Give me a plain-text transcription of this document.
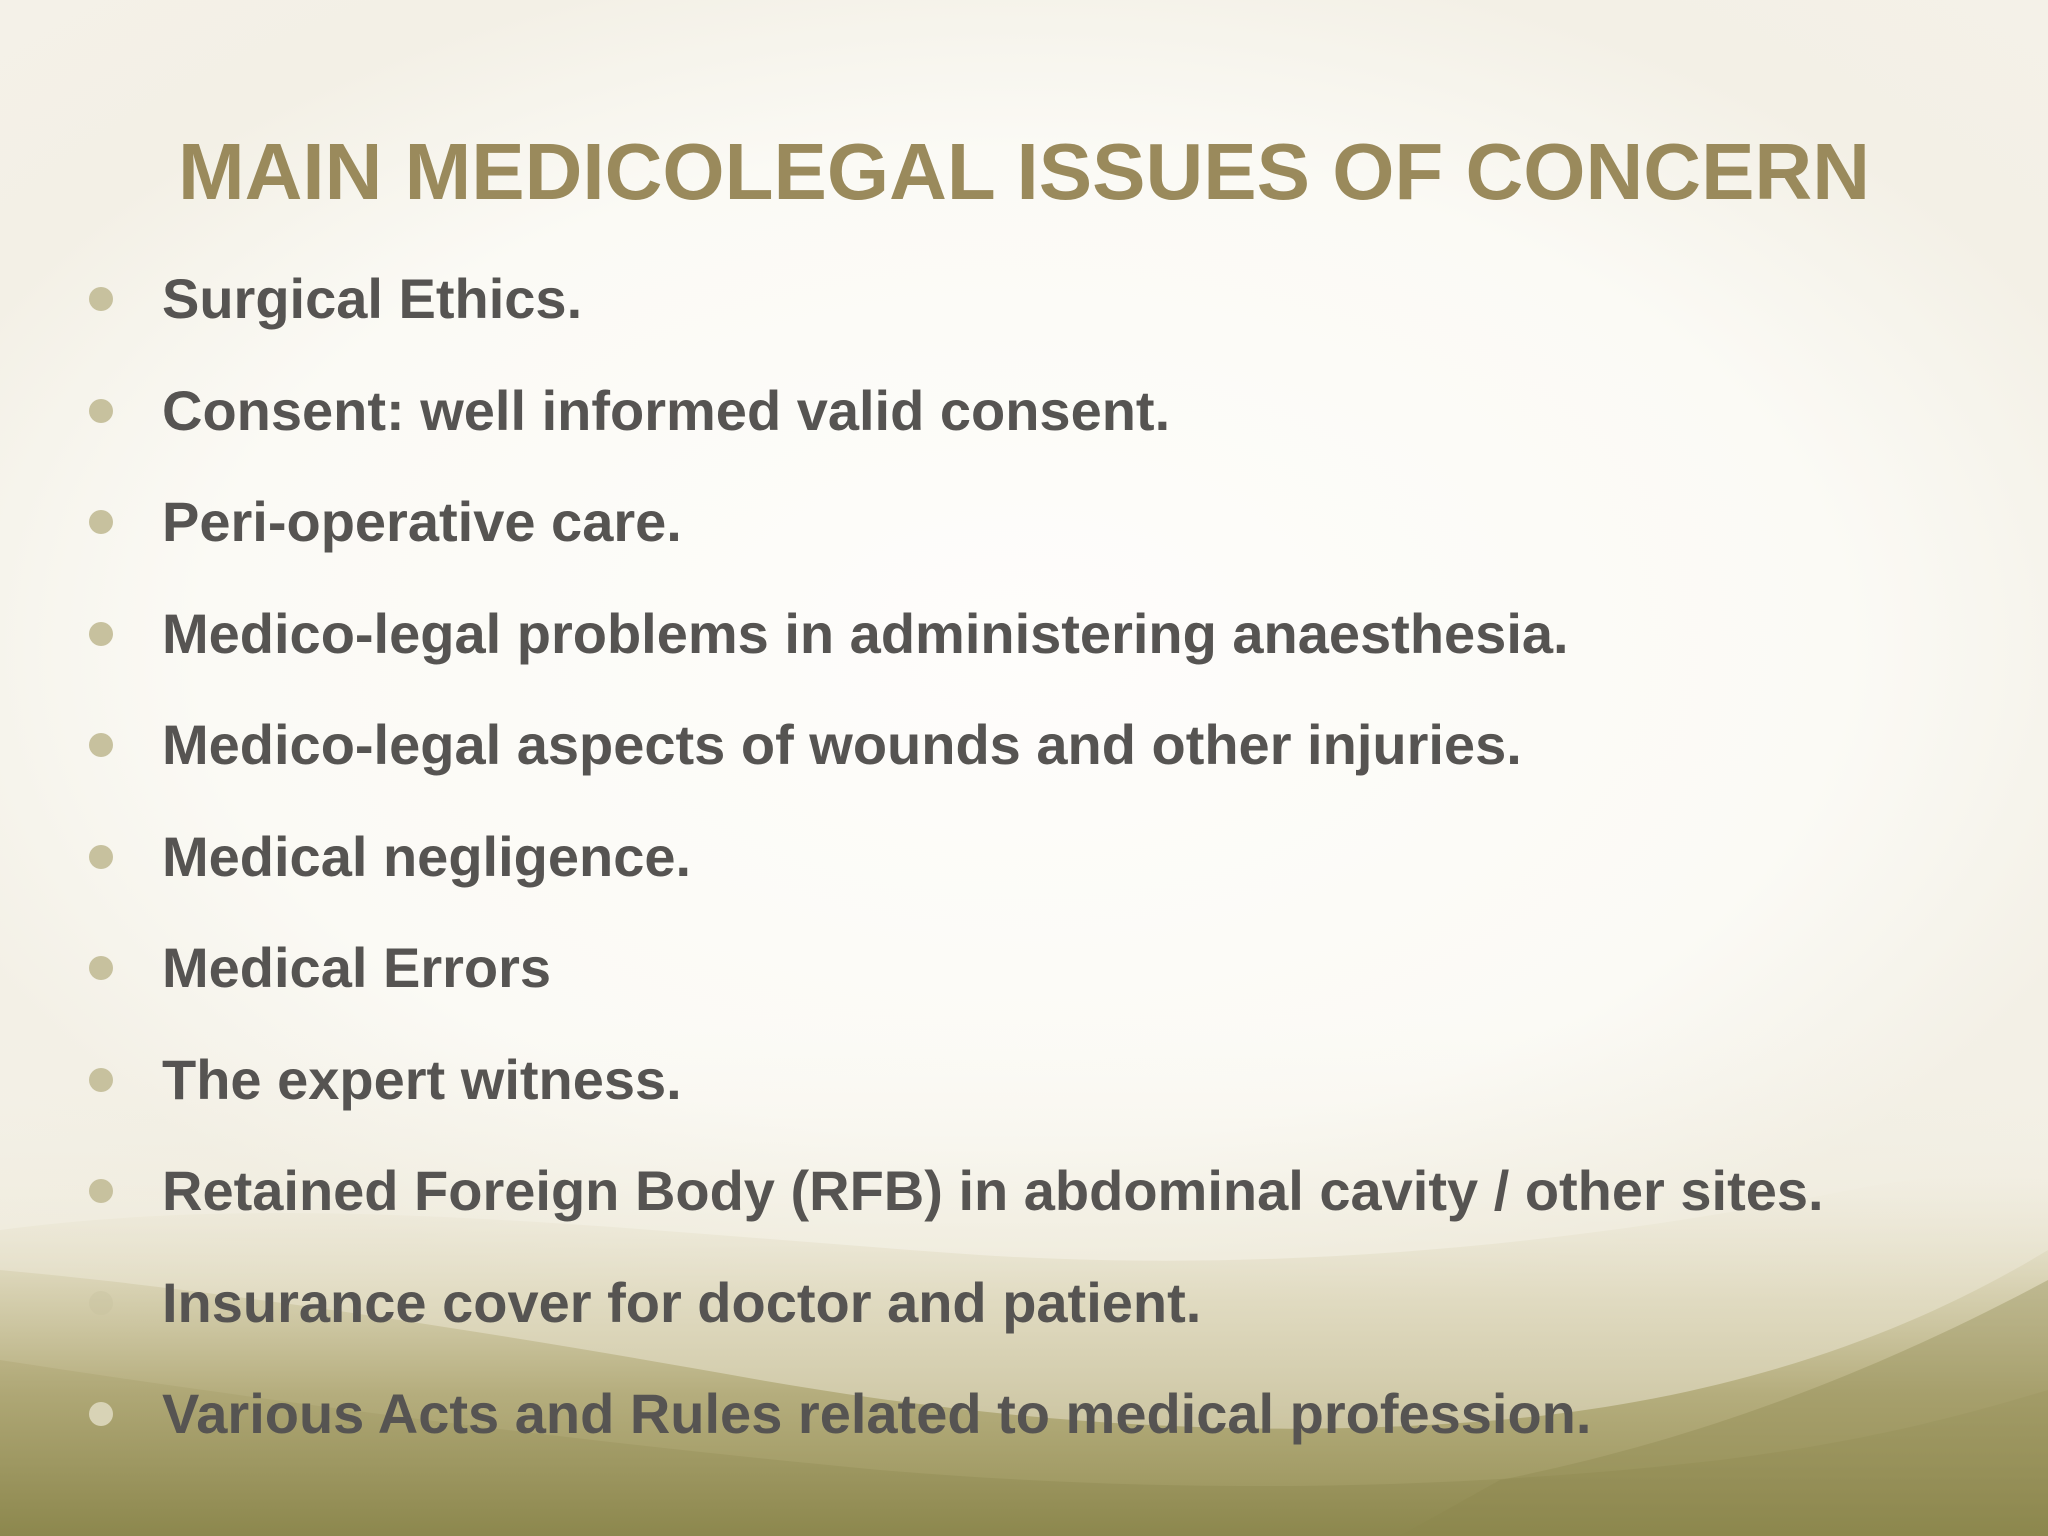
MAIN MEDICOLEGAL ISSUES OF CONCERN
Surgical Ethics.
Consent: well informed valid consent.
Peri-operative care.
Medico-legal problems in administering anaesthesia.
Medico-legal aspects of wounds and other injuries.
Medical negligence.
Medical Errors
The expert witness.
Retained Foreign Body (RFB) in abdominal cavity / other sites.
Insurance cover for doctor and patient.
Various Acts and Rules related to medical profession.
